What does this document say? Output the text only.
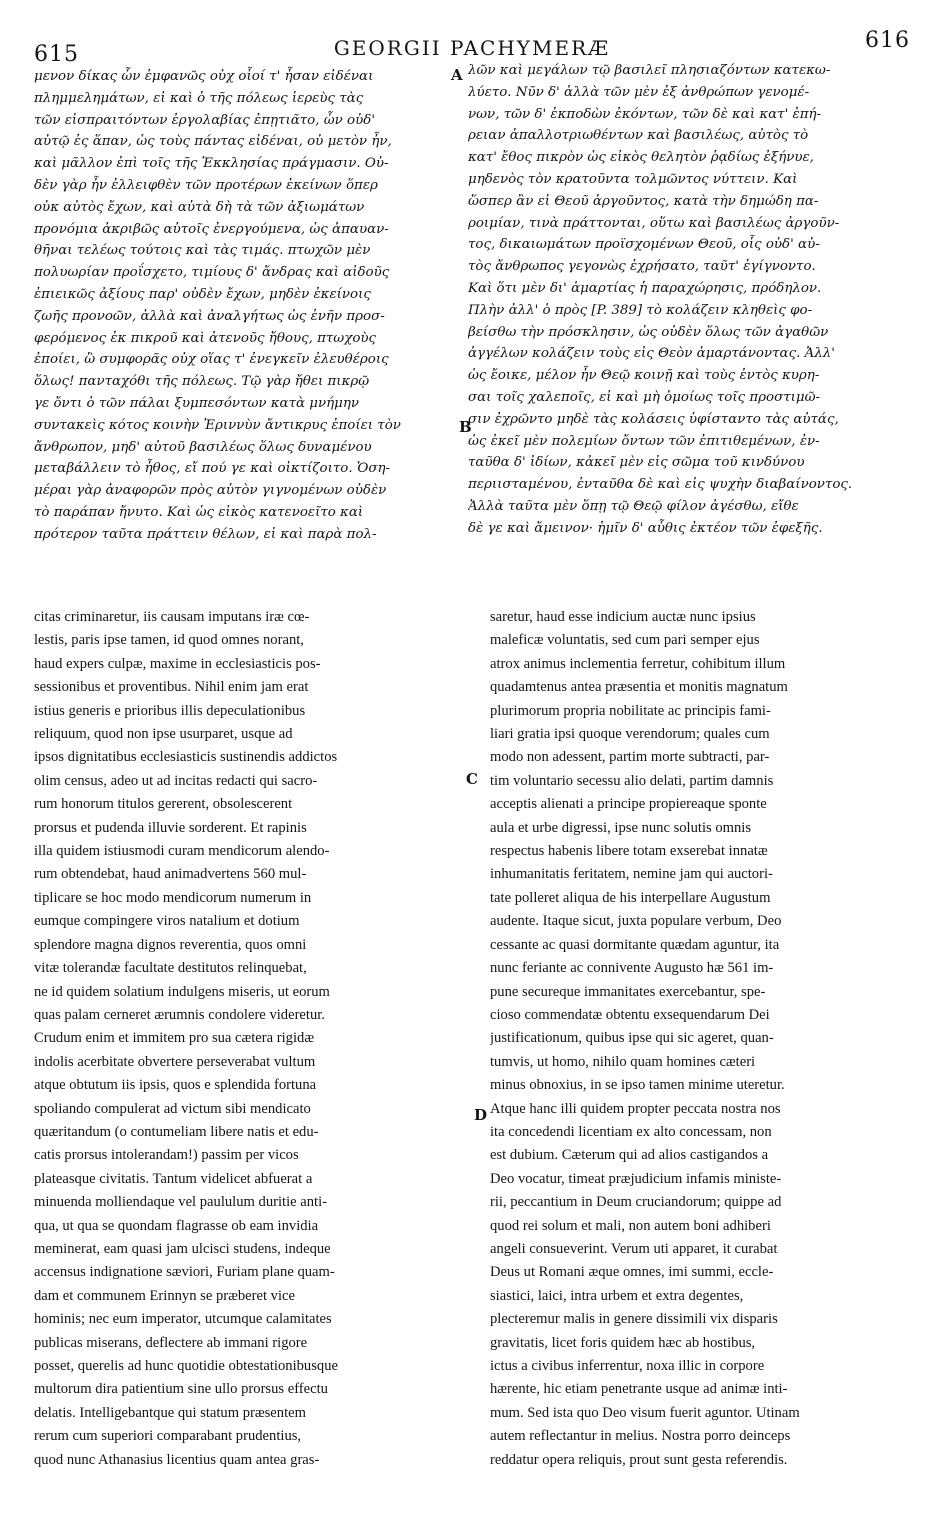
615	GEORGII PACHYMERÆ	616
A
B
C
D
μενον δίκας ὧν ἐμφανῶς οὐχ οἷοί τ' ἦσαν εἰδέναι
πλημμελημάτων, εἰ καὶ ὁ τῆς πόλεως ἱερεὺς τὰς
τῶν εἰσπραιτόντων ἐργολαβίας ἐπῃτιᾶτο, ὧν οὐδ'
αὐτῷ ἐς ἅπαν, ὡς τοὺς πάντας εἰδέναι, οὐ μετὸν ἦν,
καὶ μᾶλλον ἐπὶ τοῖς τῆς Ἐκκλησίας πράγμασιν. Οὐ-
δὲν γὰρ ἦν ἐλλειφθὲν τῶν προτέρων ἐκείνων ὅπερ
οὐκ αὐτὸς ἔχων, καὶ αὐτὰ δὴ τὰ τῶν ἀξιωμάτων
προνόμια ἀκριβῶς αὐτοῖς ἐνεργούμενα, ὡς ἀπαυαν-
θῆναι τελέως τούτοις καὶ τὰς τιμάς. πτωχῶν μὲν
πολυωρίαν προΐσχετο, τιμίους δ' ἄνδρας καὶ αἰδοῦς
ἐπιεικῶς ἀξίους παρ' οὐδὲν ἔχων, μηδὲν ἐκείνοις
ζωῆς προνοῶν, ἀλλὰ καὶ ἀναλγήτως ὡς ἐνῆν προσ-
φερόμενος ἐκ πικροῦ καὶ ἀτενοῦς ἤθους, πτωχοὺς
ἐποίει, ὢ συμφορᾶς οὐχ οἵας τ' ἐνεγκεῖν ἐλευθέροις
ὅλως! πανταχόθι τῆς πόλεως. Τῷ γὰρ ἤθει πικρῷ
γε ὄντι ὁ τῶν πάλαι ξυμπεσόντων κατὰ μνήμην
συντακεὶς κότος κοινὴν Ἐριννὺν ἄντικρυς ἐποίει τὸν
ἄνθρωπον, μηδ' αὐτοῦ βασιλέως ὅλως δυναμένου
μεταβάλλειν τὸ ἦθος, εἴ πού γε καὶ οἰκτίζοιτο. Ὁση-
μέραι γὰρ ἀναφορῶν πρὸς αὐτὸν γιγνομένων οὐδὲν
τὸ παράπαν ἤνυτο. Καὶ ὡς εἰκὸς κατενοεῖτο καὶ
πρότερον ταῦτα πράττειν θέλων, εἰ καὶ παρὰ πολ-
λῶν καὶ μεγάλων τῷ βασιλεῖ πλησιαζόντων κατεκω-
λύετο. Νῦν δ' ἀλλὰ τῶν μὲν ἐξ ἀνθρώπων γενομέ-
νων, τῶν δ' ἐκποδὼν ἐκόντων, τῶν δὲ καὶ κατ' ἐπή-
ρειαν ἀπαλλοτριωθέντων καὶ βασιλέως, αὐτὸς τὸ
κατ' ἔθος πικρὸν ὡς εἰκὸς θελητὸν ῥᾳδίως ἐξήνυε,
μηδενὸς τὸν κρατοῦντα τολμῶντος νύττειν. Καὶ
ὥσπερ ἂν εἰ Θεοῦ ἀργοῦντος, κατὰ τὴν δημώδη πα-
ροιμίαν, τινὰ πράττονται, οὕτω καὶ βασιλέως ἀργοῦν-
τος, δικαιωμάτων προϊσχομένων Θεοῦ, οἷς οὐδ' αὐ-
τὸς ἄνθρωπος γεγονὼς ἐχρήσατο, ταῦτ' ἐγίγνοντο.
Καὶ ὅτι μὲν δι' ἁμαρτίας ἡ παραχώρησις, πρόδηλον.
Πλὴν ἀλλ' ὁ πρὸς [P. 389] τὸ κολάζειν κληθεὶς φο-
βείσθω τὴν πρόσκλησιν, ὡς οὐδὲν ὅλως τῶν ἀγαθῶν
ἀγγέλων κολάζειν τοὺς εἰς Θεὸν ἁμαρτάνοντας. Ἀλλ'
ὡς ἔοικε, μέλον ἦν Θεῷ κοινῇ καὶ τοὺς ἐντὸς κυρη-
σαι τοῖς χαλεποῖς, εἰ καὶ μὴ ὁμοίως τοῖς προστιμῶ-
σιν ἐχρῶντο μηδὲ τὰς κολάσεις ὑφίσταντο τὰς αὐτάς,
ὡς ἐκεῖ μὲν πολεμίων ὄντων τῶν ἐπιτιθεμένων, ἐν-
ταῦθα δ' ἰδίων, κἀκεῖ μὲν εἰς σῶμα τοῦ κινδύνου
περιισταμένου, ἐνταῦθα δὲ καὶ εἰς ψυχὴν διαβαίνοντος.
Ἀλλὰ ταῦτα μὲν ὅπῃ τῷ Θεῷ φίλον ἀγέσθω, εἴθε
δὲ γε καὶ ἄμεινον· ἡμῖν δ' αὖθις ἐκτέον τῶν ἐφεξῆς.
citas criminaretur, iis causam imputans iræ cœ-
lestis, paris ipse tamen, id quod omnes norant,
haud expers culpæ, maxime in ecclesiasticis pos-
sessionibus et proventibus. Nihil enim jam erat
istius generis e prioribus illis depeculationibus
reliquum, quod non ipse usurparet, usque ad
ipsos dignitatibus ecclesiasticis sustinendis addictos
olim census, adeo ut ad incitas redacti qui sacro-
rum honorum titulos gererent, obsolescerent
prorsus et pudenda illuvie sorderent. Et rapinis
illa quidem istiusmodi curam mendicorum alendo-
rum obtendebat, haud animadvertens 560 mul-
tiplicare se hoc modo mendicorum numerum in
eumque compingere viros natalium et dotium
splendore magna dignos reverentia, quos omni
vitæ tolerandæ facultate destitutos relinquebat,
ne id quidem solatium indulgens miseris, ut eorum
quas palam cerneret ærumnis condolere videretur.
Crudum enim et immitem pro sua cætera rigidæ
indolis acerbitate obvertere perseverabat vultum
atque obtutum iis ipsis, quos e splendida fortuna
spoliando compulerat ad victum sibi mendicato
quæritandum (o contumeliam libere natis et edu-
catis prorsus intolerandam!) passim per vicos
plateasque civitatis. Tantum videlicet abfuerat a
minuenda molliendaque vel paululum duritie anti-
qua, ut qua se quondam flagrasse ob eam invidia
meminerat, eam quasi jam ulcisci studens, indeque
accensus indignatione sæviori, Furiam plane quam-
dam et communem Erinnyn se præberet vice
hominis; nec eum imperator, utcumque calamitates
publicas miserans, deflectere ab immani rigore
posset, querelis ad hunc quotidie obtestationibusque
multorum dira patientium sine ullo prorsus effectu
delatis. Intelligebantque qui statum præsentem
rerum cum superiori comparabant prudentius,
quod nunc Athanasius licentius quam antea gras-
saretur, haud esse indicium auctæ nunc ipsius
maleficæ voluntatis, sed cum pari semper ejus
atrox animus inclementia ferretur, cohibitum illum
quadamtenus antea præsentia et monitis magnatum
plurimorum propria nobilitate ac principis fami-
liari gratia ipsi quoque verendorum; quales cum
modo non adessent, partim morte subtracti, par-
tim voluntario secessu alio delati, partim damnis
acceptis alienati a principe propiereaque sponte
aula et urbe digressi, ipse nunc solutis omnis
respectus habenis libere totam exserebat innatæ
inhumanitatis feritatem, nemine jam qui auctori-
tate polleret aliqua de his interpellare Augustum
audente. Itaque sicut, juxta populare verbum, Deo
cessante ac quasi dormitante quædam aguntur, ita
nunc feriante ac connivente Augusto hæ 561 im-
pune secureque immanitates exercebantur, spe-
cioso commendatæ obtentu exsequendarum Dei
justificationum, quibus ipse qui sic ageret, quan-
tumvis, ut homo, nihilo quam homines cæteri
minus obnoxius, in se ipso tamen minime uteretur.
Atque hanc illi quidem propter peccata nostra nos
ita concedendi licentiam ex alto concessam, non
est dubium. Cæterum qui ad alios castigandos a
Deo vocatur, timeat præjudicium infamis ministe-
rii, peccantium in Deum cruciandorum; quippe ad
quod rei solum et mali, non autem boni adhiberi
angeli consueverint. Verum uti apparet, it curabat
Deus ut Romani æque omnes, imi summi, eccle-
siastici, laici, intra urbem et extra degentes,
plecteremur malis in genere dissimili vix disparis
gravitatis, licet foris quidem hæc ab hostibus,
ictus a civibus inferrentur, noxa illic in corpore
hærente, hic etiam penetrante usque ad animæ inti-
mum. Sed ista quo Deo visum fuerit aguntor. Utinam
autem reflectantur in melius. Nostra porro deinceps
reddatur opera reliquis, prout sunt gesta referendis.
